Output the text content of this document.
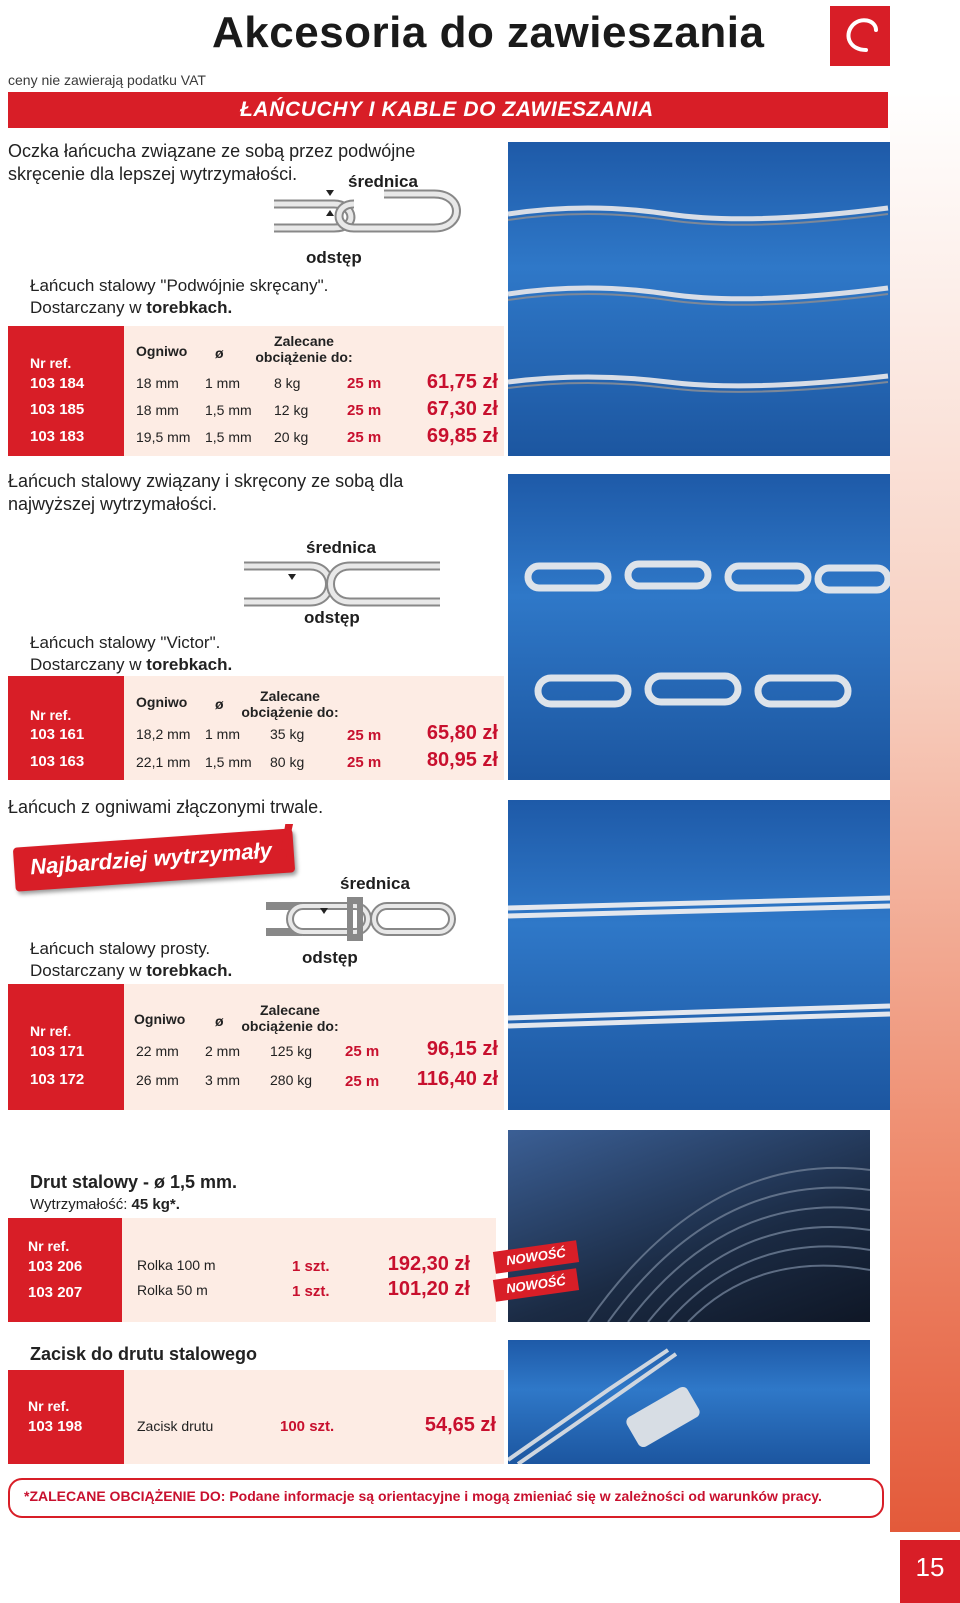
Akcesoria do zawieszania
ceny nie zawierają podatku VAT
ŁAŃCUCHY I KABLE DO ZAWIESZANIA
Oczka łańcucha związane ze sobą przez podwójne skręcenie dla lepszej wytrzymałości.	średnica
odstęp
Łańcuch stalowy "Podwójnie skręcany".
Dostarczany w torebkach.
Nr ref.
Ogniwo ø
Zalecane
obciążenie do:
103 184	18 mm 1 mm 8 kg	25 m	61,75 zł
103 185	18 mm 1,5 mm 12 kg	25 m	67,30 zł
103 183	19,5 mm 1,5 mm 20 kg	25 m	69,85 zł
Łańcuch stalowy związany i skręcony ze sobą dla najwyższej wytrzymałości.
średnica
odstęp
Łańcuch stalowy "Victor".
Dostarczany w torebkach.
Nr ref.
Ogniwo ø	Zalecane
obciążenie do:
103 161	18,2 mm 1 mm 35 kg	25 m	65,80 zł
103 163	22,1 mm 1,5 mm 80 kg	25 m	80,95 zł
Łańcuch z ogniwami złączonymi trwale.
Najbardziej wytrzymały !
średnica
odstęp
Łańcuch stalowy prosty.
Dostarczany w torebkach.
Nr ref.
Ogniwo ø
Zalecane
obciążenie do:
103 171	22 mm 2 mm 125 kg 25 m	96,15 zł
103 172	26 mm 3 mm 280 kg 25 m	116,40 zł
Drut stalowy - ø 1,5 mm.
Wytrzymałość: 45 kg*.
Nr ref.
103 206	Rolka 100 m	1 szt.	192,30 zł
103 207	Rolka 50 m	1 szt.	101,20 zł
NOWOŚĆ
NOWOŚĆ
Zacisk do drutu stalowego
Nr ref.
103 198	Zacisk drutu	100 szt.	54,65 zł
*ZALECANE OBCIĄŻENIE DO: Podane informacje są orientacyjne i mogą zmieniać się w zależności od warunków pracy.
15
